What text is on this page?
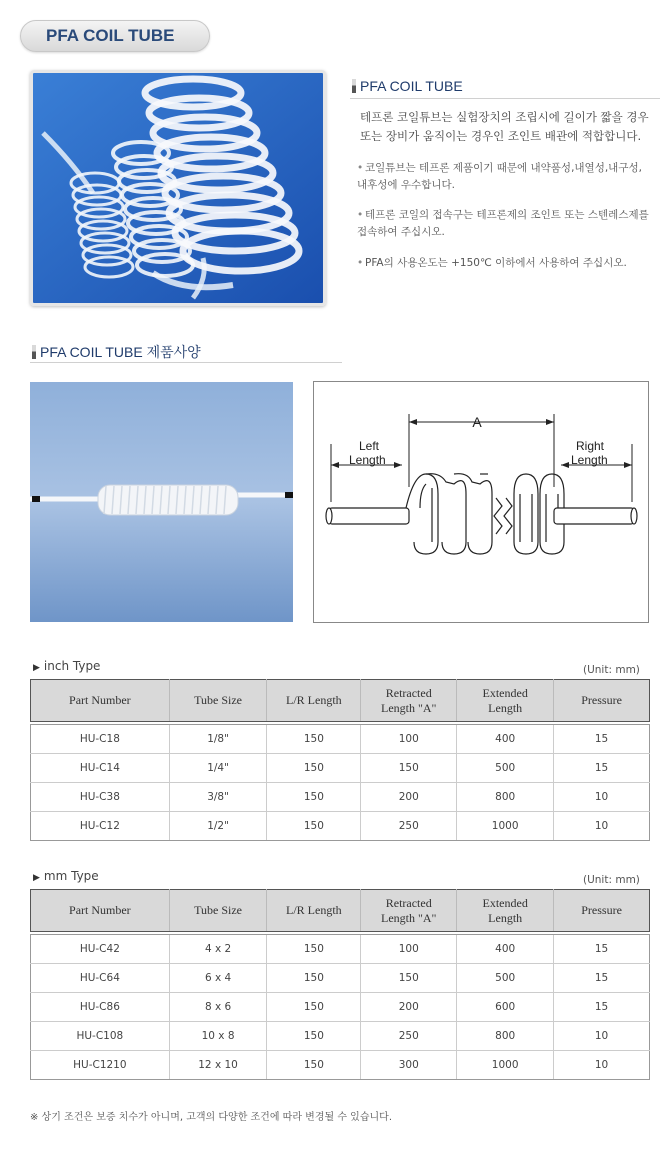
PFA COIL TUBE
PFA COIL TUBE
테프론 코일튜브는 실험장치의 조립시에 길이가 짧을 경우 또는 장비가 움직이는 경우인 조인트 배관에 적합합니다.
• 코일튜브는 테프론 제품이기 때문에 내약품성,내열성,내구성, 내후성에 우수합니다.
• 테프론 코일의 접속구는 테프론제의 조인트 또는 스텐레스제를 접속하여 주십시오.
• PFA의 사용온도는 +150℃ 이하에서 사용하여 주십시오.
PFA COIL TUBE 제품사양
A
Left
Length
Right
Length
▶ inch Type	(Unit: mm)
Part Number	Tube Size	L/R Length	Retracted Length "A"	Extended Length	Pressure

HU-C18	1/8"	150	100	400	15
HU-C14	1/4"	150	150	500	15
HU-C38	3/8"	150	200	800	10
HU-C12	1/2"	150	250	1000	10
▶ mm Type	(Unit: mm)
Part Number	Tube Size	L/R Length	Retracted Length "A"	Extended Length	Pressure

HU-C42	4 x 2	150	100	400	15
HU-C64	6 x 4	150	150	500	15
HU-C86	8 x 6	150	200	600	15
HU-C108	10 x 8	150	250	800	10
HU-C1210	12 x 10	150	300	1000	10
※ 상기 조건은 보증 치수가 아니며, 고객의 다양한 조건에 따라 변경될 수 있습니다.
